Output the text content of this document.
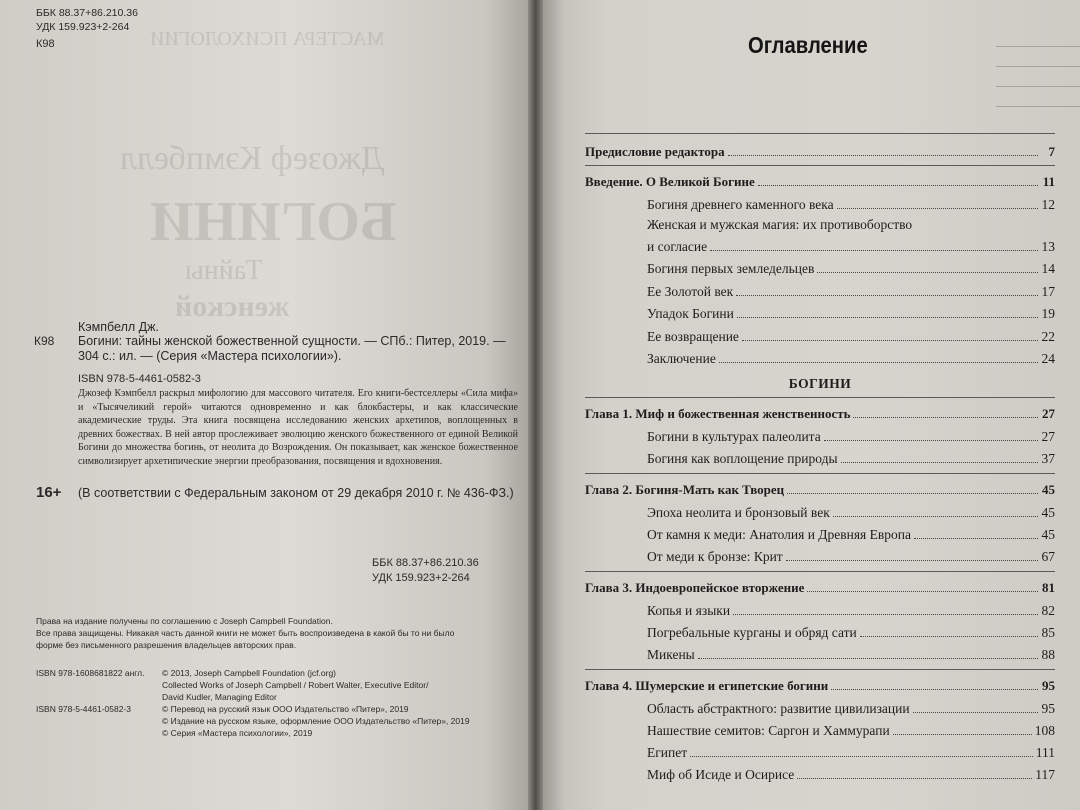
МАСТЕРА ПСИХОЛОГИИ
Джозеф Кэмпбелл
БОГИНИ
Тайны
женской
ББК 88.37+86.210.36
УДК 159.923+2-264
К98
Кэмпбелл Дж.
К98 Богини: тайны женской божественной сущности. — СПб.: Питер, 2019. —
304 с.: ил. — (Серия «Мастера психологии»).
ISBN 978-5-4461-0582-3
Джозеф Кэмпбелл раскрыл мифологию для массового читателя. Его книги-бестселлеры «Сила мифа» и «Тысячеликий герой» читаются одновременно и как блокбастеры, и как классические академические труды. Эта книга посвящена исследованию женских архетипов, воплощенных в древних божествах. В ней автор прослеживает эволюцию женского божественного от единой Великой Богини до множества богинь, от неолита до Возрождения. Он показывает, как женское божественное символизирует архетипические энергии преобразования, посвящения и вдохновения.
16+ (В соответствии с Федеральным законом от 29 декабря 2010 г. № 436-ФЗ.)
ББК 88.37+86.210.36
УДК 159.923+2-264
Права на издание получены по соглашению с Joseph Campbell Foundation.
Все права защищены. Никакая часть данной книги не может быть воспроизведена в какой бы то ни было
форме без письменного разрешения владельцев авторских прав.
ISBN 978-1608681822 англ.	© 2013, Joseph Campbell Foundation (jcf.org)
Collected Works of Joseph Campbell / Robert Walter, Executive Editor/
David Kudler, Managing Editor
ISBN 978-5-4461-0582-3	© Перевод на русский язык ООО Издательство «Питер», 2019
© Издание на русском языке, оформление ООО Издательство «Питер», 2019
© Серия «Мастера психологии», 2019
Оглавление
Предисловие редактора	7
Введение. О Великой Богине	11
Богиня древнего каменного века	12
Женская и мужская магия: их противоборство
и согласие	13
Богиня первых земледельцев	14
Ее Золотой век	17
Упадок Богини	19
Ее возвращение	22
Заключение	24
БОГИНИ
Глава 1. Миф и божественная женственность	27
Богини в культурах палеолита	27
Богиня как воплощение природы	37
Глава 2. Богиня-Мать как Творец	45
Эпоха неолита и бронзовый век	45
От камня к меди: Анатолия и Древняя Европа	45
От меди к бронзе: Крит	67
Глава 3. Индоевропейское вторжение	81
Копья и языки	82
Погребальные курганы и обряд сати	85
Микены	88
Глава 4. Шумерские и египетские богини	95
Область абстрактного: развитие цивилизации	95
Нашествие семитов: Саргон и Хаммурапи	108
Египет	111
Миф об Исиде и Осирисе	117
